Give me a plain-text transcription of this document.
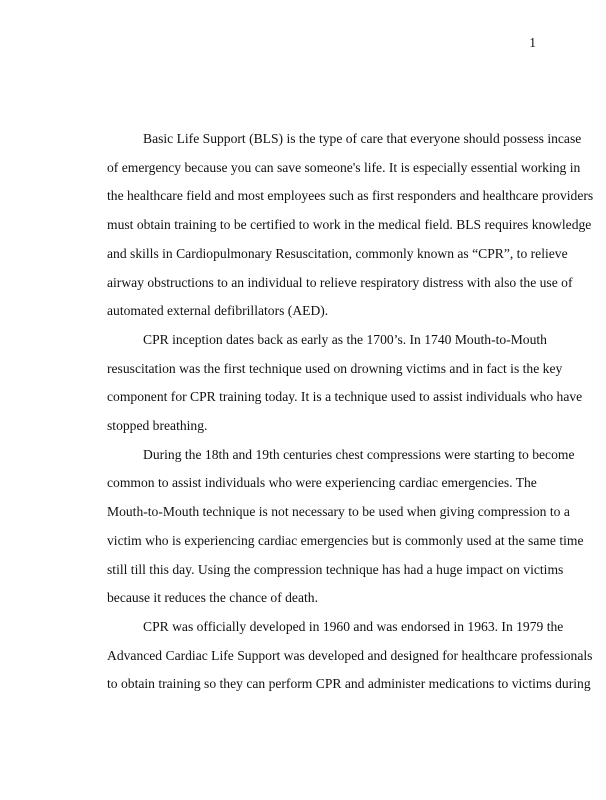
1

Basic Life Support (BLS) is the type of care that everyone should possess incase
of emergency because you can save someone's life. It is especially essential working in
the healthcare field and most employees such as first responders and healthcare providers
must obtain training to be certified to work in the medical field. BLS requires knowledge
and skills in Cardiopulmonary Resuscitation, commonly known as “CPR”, to relieve
airway obstructions to an individual to relieve respiratory distress with also the use of
automated external defibrillators (AED).

CPR inception dates back as early as the 1700’s. In 1740 Mouth-to-Mouth
resuscitation was the first technique used on drowning victims and in fact is the key
component for CPR training today. It is a technique used to assist individuals who have
stopped breathing.

During the 18th and 19th centuries chest compressions were starting to become
common to assist individuals who were experiencing cardiac emergencies. The
Mouth-to-Mouth technique is not necessary to be used when giving compression to a
victim who is experiencing cardiac emergencies but is commonly used at the same time
still till this day. Using the compression technique has had a huge impact on victims
because it reduces the chance of death.

CPR was officially developed in 1960 and was endorsed in 1963. In 1979 the
Advanced Cardiac Life Support was developed and designed for healthcare professionals
to obtain training so they can perform CPR and administer medications to victims during
